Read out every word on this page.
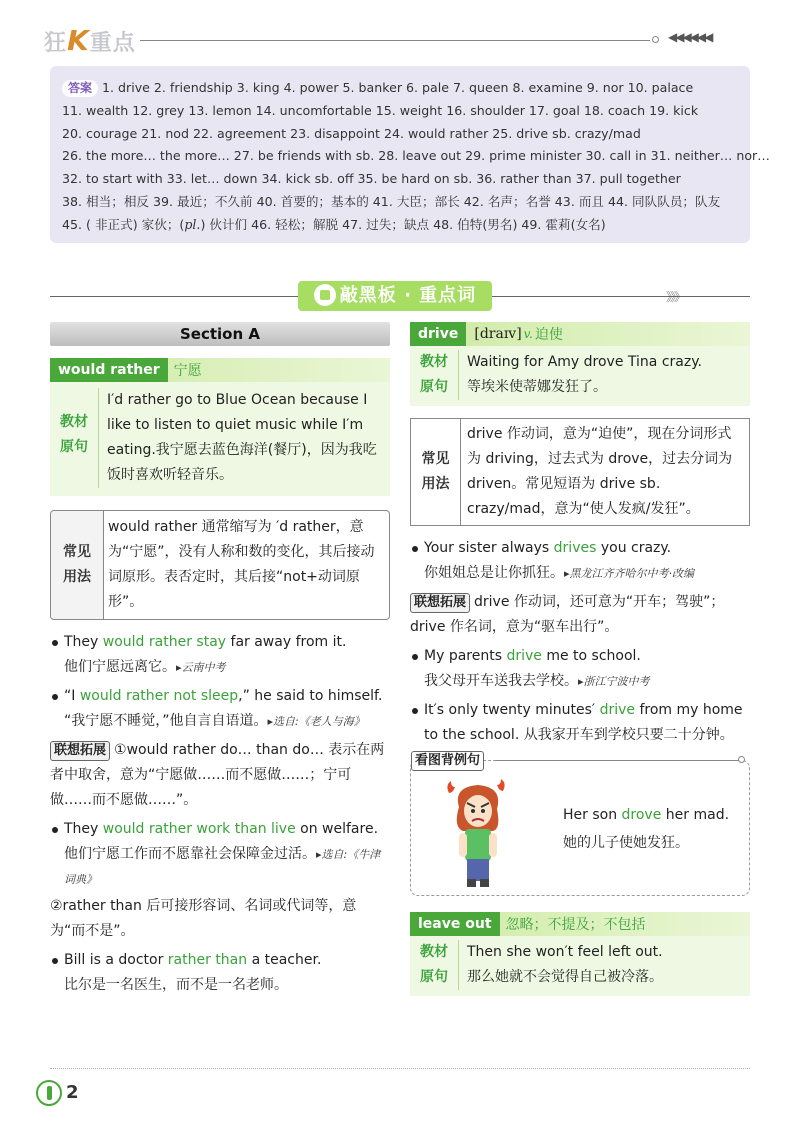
狂K重点	◀◀◀◀◀◀
答案 1. drive 2. friendship 3. king 4. power 5. banker 6. pale 7. queen 8. examine 9. nor 10. palace
11. wealth 12. grey 13. lemon 14. uncomfortable 15. weight 16. shoulder 17. goal 18. coach 19. kick
20. courage 21. nod 22. agreement 23. disappoint 24. would rather 25. drive sb. crazy/mad
26. the more… the more… 27. be friends with sb. 28. leave out 29. prime minister 30. call in 31. neither… nor…
32. to start with 33. let… down 34. kick sb. off 35. be hard on sb. 36. rather than 37. pull together
38. 相当；相反 39. 最近；不久前 40. 首要的；基本的 41. 大臣；部长 42. 名声；名誉 43. 而且 44. 同队队员；队友
45. ( 非正式) 家伙；(pl.) 伙计们 46. 轻松；解脱 47. 过失；缺点 48. 伯特(男名) 49. 霍莉(女名)
敲黑板 · 重点词	》》》
Section A
would rather	宁愿
教材
原句
I′d rather go to Blue Ocean because I like to listen to quiet music while I′m eating.我宁愿去蓝色海洋(餐厅)，因为我吃饭时喜欢听轻音乐。
常见
用法
would rather 通常缩写为 ′d rather，意为“宁愿”，没有人称和数的变化，其后接动词原形。表否定时，其后接“not+动词原形”。
They would rather stay far away from it.
他们宁愿远离它。▸云南中考
“I would rather not sleep,” he said to himself.
“我宁愿不睡觉，”他自言自语道。▸选自:《老人与海》
联想拓展 ①would rather do… than do… 表示在两者中取舍，意为“宁愿做……而不愿做……；宁可做……而不愿做……”。
They would rather work than live on welfare.
他们宁愿工作而不愿靠社会保障金过活。▸选自:《牛津词典》
②rather than 后可接形容词、名词或代词等，意为“而不是”。
Bill is a doctor rather than a teacher.
比尔是一名医生，而不是一名老师。
drive	[draɪv] v. 迫使
教材
原句
Waiting for Amy drove Tina crazy.
等埃米使蒂娜发狂了。
常见
用法
drive 作动词，意为“迫使”，现在分词形式为 driving，过去式为 drove，过去分词为 driven。常见短语为 drive sb. crazy/mad，意为“使人发疯/发狂”。
Your sister always drives you crazy.
你姐姐总是让你抓狂。▸黑龙江齐齐哈尔中考·改编
联想拓展 drive 作动词，还可意为“开车；驾驶”；drive 作名词，意为“驱车出行”。
My parents drive me to school.
我父母开车送我去学校。▸浙江宁波中考
It′s only twenty minutes′ drive from my home to the school. 从我家开车到学校只要二十分钟。
看图背例句
Her son drove her mad.
她的儿子使她发狂。
leave out	忽略；不提及；不包括
教材
原句
Then she won′t feel left out.
那么她就不会觉得自己被冷落。
2
